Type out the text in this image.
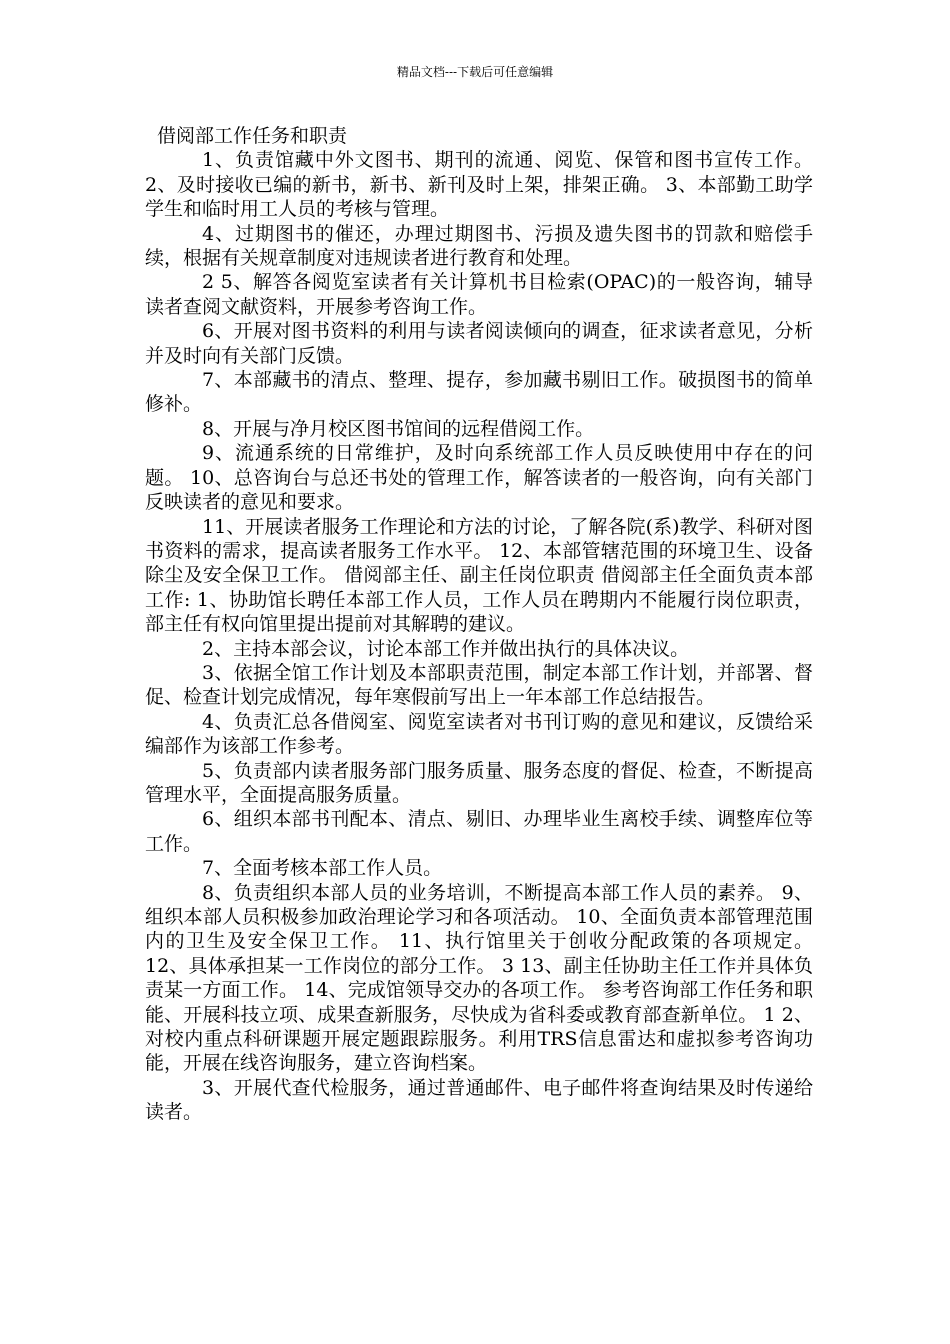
精品文档---下载后可任意编辑
借阅部工作任务和职责

1、负责馆藏中外文图书、期刊的流通、阅览、保管和图书宣传工作。 2、及时接收已编的新书，新书、新刊及时上架，排架正确。 3、本部勤工助学学生和临时用工人员的考核与管理。

4、过期图书的催还，办理过期图书、污损及遗失图书的罚款和赔偿手续，根据有关规章制度对违规读者进行教育和处理。

2 5、解答各阅览室读者有关计算机书目检索(OPAC)的一般咨询，辅导读者查阅文献资料，开展参考咨询工作。

6、开展对图书资料的利用与读者阅读倾向的调查，征求读者意见，分析并及时向有关部门反馈。

7、本部藏书的清点、整理、提存，参加藏书剔旧工作。破损图书的简单修补。

8、开展与净月校区图书馆间的远程借阅工作。

9、流通系统的日常维护，及时向系统部工作人员反映使用中存在的问题。 10、总咨询台与总还书处的管理工作，解答读者的一般咨询，向有关部门反映读者的意见和要求。

11、开展读者服务工作理论和方法的讨论，了解各院(系)教学、科研对图书资料的需求，提高读者服务工作水平。 12、本部管辖范围的环境卫生、设备除尘及安全保卫工作。 借阅部主任、副主任岗位职责 借阅部主任全面负责本部工作: 1、协助馆长聘任本部工作人员，工作人员在聘期内不能履行岗位职责，部主任有权向馆里提出提前对其解聘的建议。

2、主持本部会议，讨论本部工作并做出执行的具体决议。

3、依据全馆工作计划及本部职责范围，制定本部工作计划，并部署、督促、检查计划完成情况，每年寒假前写出上一年本部工作总结报告。

4、负责汇总各借阅室、阅览室读者对书刊订购的意见和建议，反馈给采编部作为该部工作参考。

5、负责部内读者服务部门服务质量、服务态度的督促、检查，不断提高管理水平，全面提高服务质量。

6、组织本部书刊配本、清点、剔旧、办理毕业生离校手续、调整库位等工作。

7、全面考核本部工作人员。

8、负责组织本部人员的业务培训，不断提高本部工作人员的素养。 9、组织本部人员积极参加政治理论学习和各项活动。 10、全面负责本部管理范围内的卫生及安全保卫工作。 11、执行馆里关于创收分配政策的各项规定。 12、具体承担某一工作岗位的部分工作。 3 13、副主任协助主任工作并具体负责某一方面工作。 14、完成馆领导交办的各项工作。 参考咨询部工作任务和职能、开展科技立项、成果查新服务，尽快成为省科委或教育部查新单位。 1 2、对校内重点科研课题开展定题跟踪服务。利用TRS信息雷达和虚拟参考咨询功能，开展在线咨询服务，建立咨询档案。

3、开展代查代检服务，通过普通邮件、电子邮件将查询结果及时传递给读者。
